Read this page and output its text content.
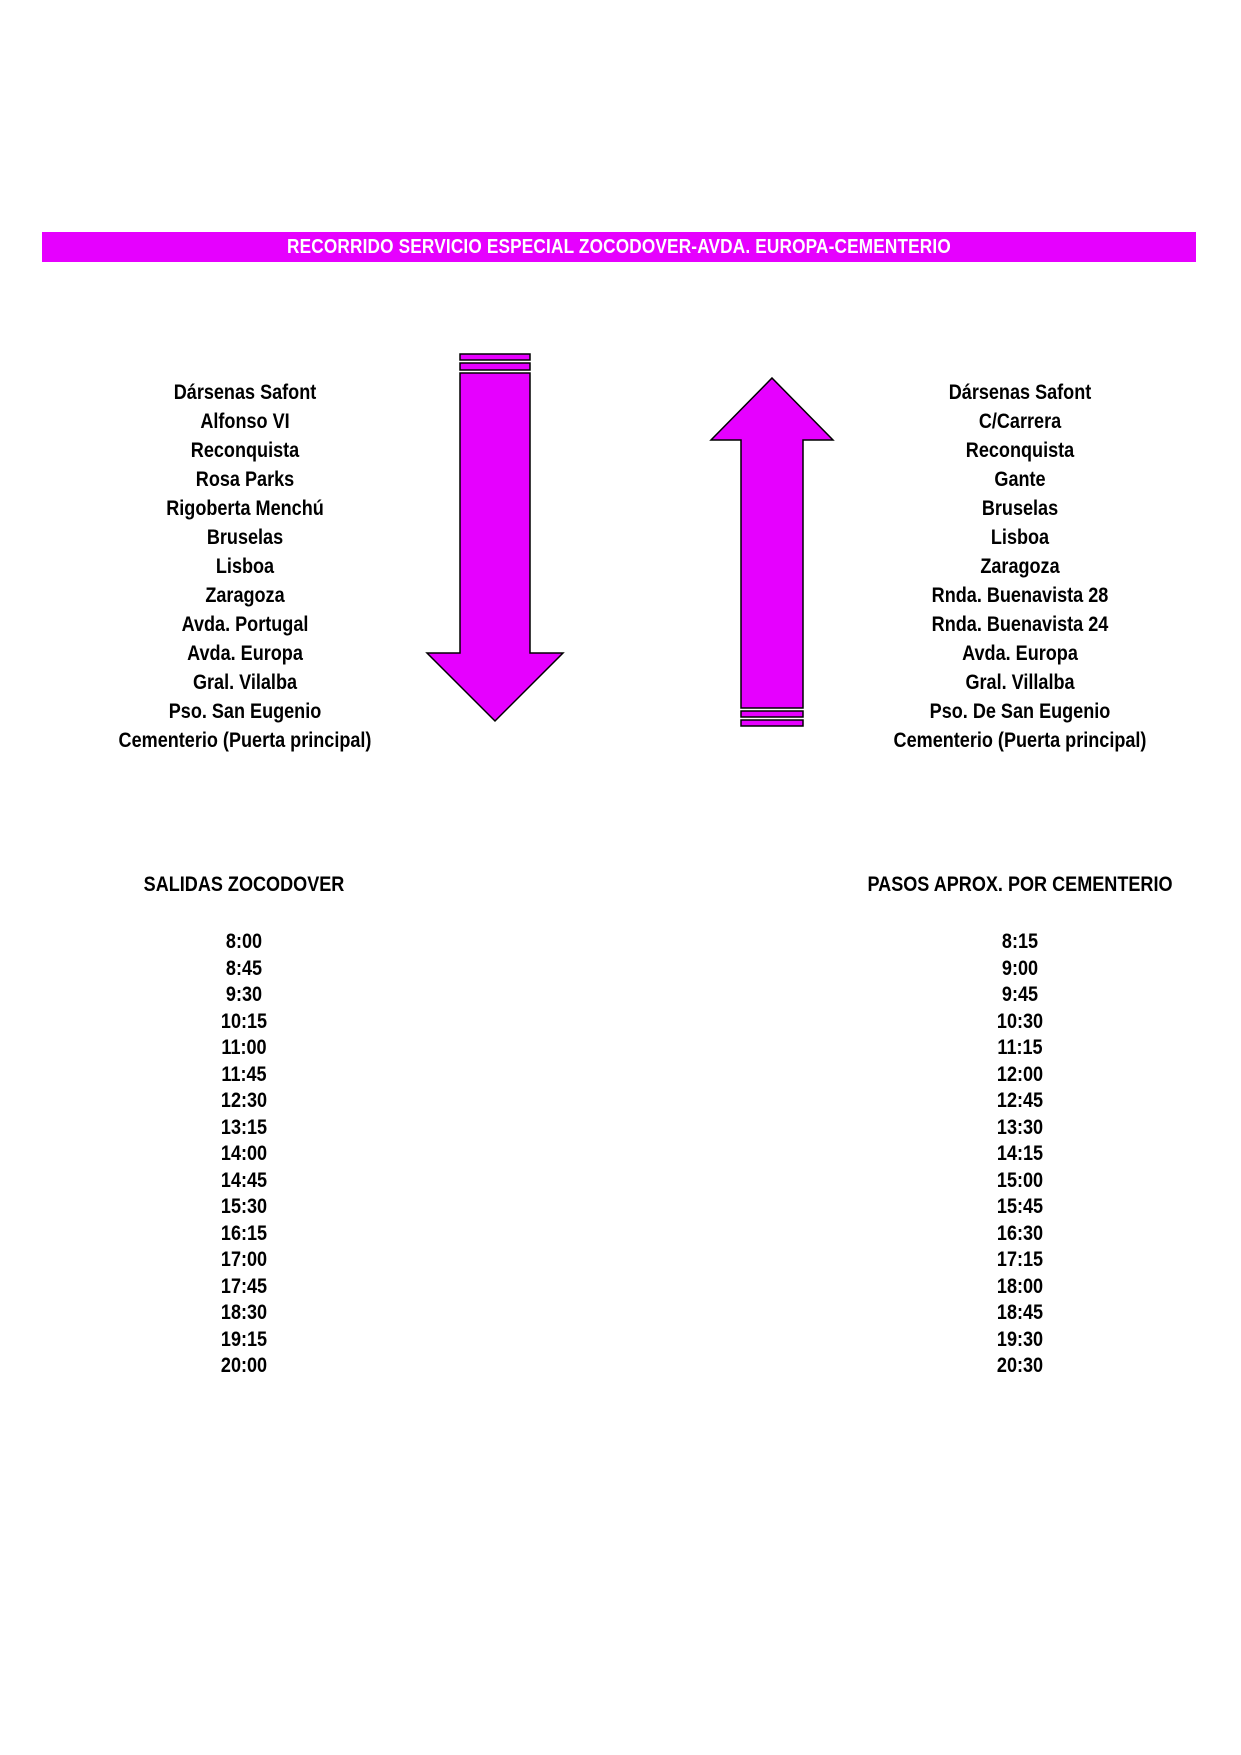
RECORRIDO SERVICIO ESPECIAL ZOCODOVER-AVDA. EUROPA-CEMENTERIO
Dársenas Safont
Alfonso VI
Reconquista
Rosa Parks
Rigoberta Menchú
Bruselas
Lisboa
Zaragoza
Avda. Portugal
Avda. Europa
Gral. Vilalba
Pso. San Eugenio
Cementerio (Puerta principal)
Dársenas Safont
C/Carrera
Reconquista
Gante
Bruselas
Lisboa
Zaragoza
Rnda. Buenavista 28
Rnda. Buenavista 24
Avda. Europa
Gral. Villalba
Pso. De San Eugenio
Cementerio (Puerta principal)
SALIDAS ZOCODOVER	PASOS APROX. POR CEMENTERIO
8:00
8:45
9:30
10:15
11:00
11:45
12:30
13:15
14:00
14:45
15:30
16:15
17:00
17:45
18:30
19:15
20:00
8:15
9:00
9:45
10:30
11:15
12:00
12:45
13:30
14:15
15:00
15:45
16:30
17:15
18:00
18:45
19:30
20:30
